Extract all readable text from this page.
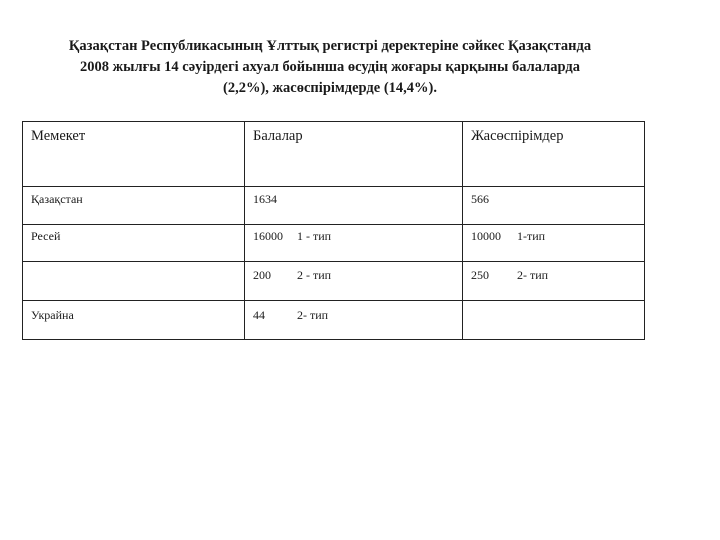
Қазақстан Республикасының Ұлттық регистрі деректеріне сәйкес Қазақстанда
2008 жылғы 14 сәуірдегі ахуал бойынша өсудің жоғары қарқыны балаларда
(2,2%), жасөспірімдерде (14,4%).
Мемекет	Балалар	Жасөспірімдер
Қазақстан	1634	566
Ресей	16000 1 - тип	10000 1-тип
	200 2 - тип	250 2- тип
Украйна	44 2- тип	
